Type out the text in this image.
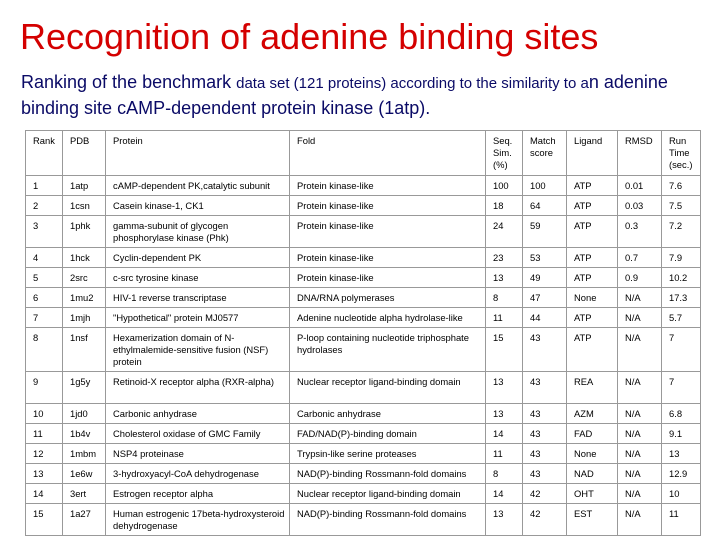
Recognition of adenine binding sites
Ranking of the benchmark data set (121 proteins) according to the similarity to an adenine binding site cAMP-dependent protein kinase (1atp).
Rank	PDB	Protein	Fold	Seq. Sim. (%)	Match score	Ligand	RMSD	Run Time (sec.)
1	1atp	cAMP-dependent PK,catalytic subunit	Protein kinase-like	100	100	ATP	0.01	7.6
2	1csn	Casein kinase-1, CK1	Protein kinase-like	18	64	ATP	0.03	7.5
3	1phk	gamma-subunit of glycogen phosphorylase kinase (Phk)	Protein kinase-like	24	59	ATP	0.3	7.2
4	1hck	Cyclin-dependent PK	Protein kinase-like	23	53	ATP	0.7	7.9
5	2src	c-src tyrosine kinase	Protein kinase-like	13	49	ATP	0.9	10.2
6	1mu2	HIV-1 reverse transcriptase	DNA/RNA polymerases	8	47	None	N/A	17.3
7	1mjh	"Hypothetical" protein MJ0577	Adenine nucleotide alpha hydrolase-like	11	44	ATP	N/A	5.7
8	1nsf	Hexamerization domain of N-ethylmalemide-sensitive fusion (NSF) protein	P-loop containing nucleotide triphosphate hydrolases	15	43	ATP	N/A	7
9	1g5y	Retinoid-X receptor alpha (RXR-alpha)	Nuclear receptor ligand-binding domain	13	43	REA	N/A	7
10	1jd0	Carbonic anhydrase	Carbonic anhydrase	13	43	AZM	N/A	6.8
11	1b4v	Cholesterol oxidase of GMC Family	FAD/NAD(P)-binding domain	14	43	FAD	N/A	9.1
12	1mbm	NSP4 proteinase	Trypsin-like serine proteases	11	43	None	N/A	13
13	1e6w	3-hydroxyacyl-CoA dehydrogenase	NAD(P)-binding Rossmann-fold domains	8	43	NAD	N/A	12.9
14	3ert	Estrogen receptor alpha	Nuclear receptor ligand-binding domain	14	42	OHT	N/A	10
15	1a27	Human estrogenic 17beta-hydroxysteroid dehydrogenase	NAD(P)-binding Rossmann-fold domains	13	42	EST	N/A	11
